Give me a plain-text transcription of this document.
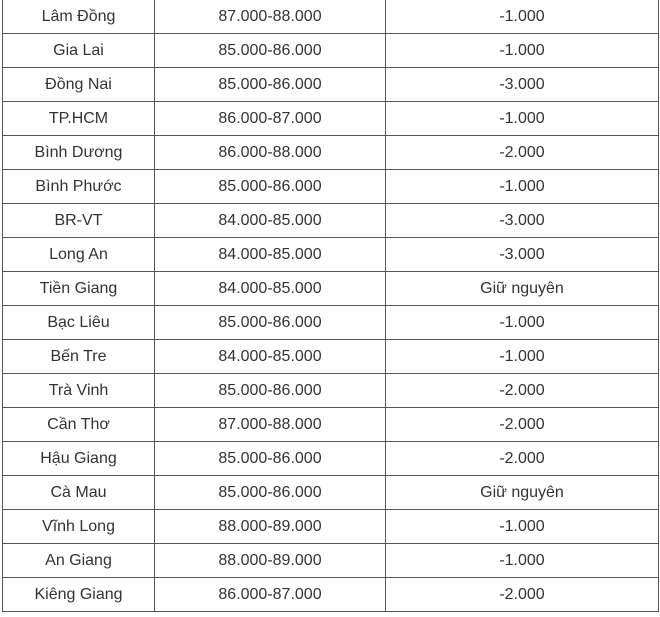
Lâm Đồng	87.000-88.000	-1.000
Gia Lai	85.000-86.000	-1.000
Đồng Nai	85.000-86.000	-3.000
TP.HCM	86.000-87.000	-1.000
Bình Dương	86.000-88.000	-2.000
Bình Phước	85.000-86.000	-1.000
BR-VT	84.000-85.000	-3.000
Long An	84.000-85.000	-3.000
Tiền Giang	84.000-85.000	Giữ nguyên
Bạc Liêu	85.000-86.000	-1.000
Bến Tre	84.000-85.000	-1.000
Trà Vinh	85.000-86.000	-2.000
Cần Thơ	87.000-88.000	-2.000
Hậu Giang	85.000-86.000	-2.000
Cà Mau	85.000-86.000	Giữ nguyên
Vĩnh Long	88.000-89.000	-1.000
An Giang	88.000-89.000	-1.000
Kiêng Giang	86.000-87.000	-2.000
